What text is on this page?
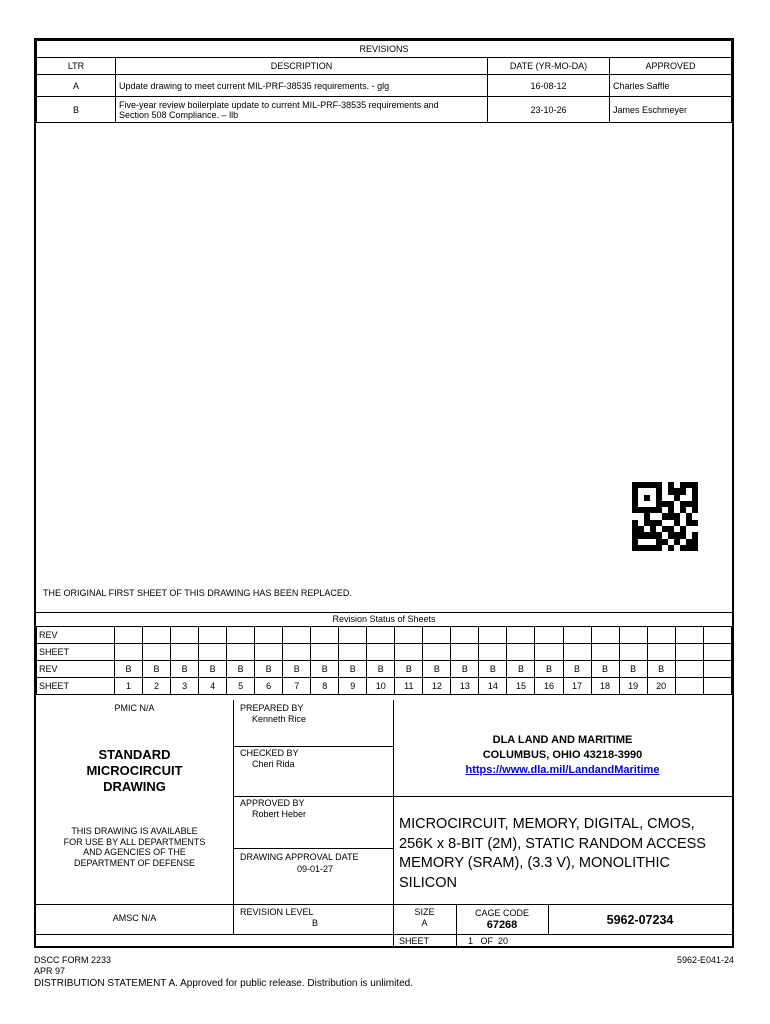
REVISIONS			
LTR	DESCRIPTION	DATE (YR-MO-DA)	APPROVED
A	Update drawing to meet current MIL-PRF-38535 requirements. - glg	16-08-12	Charles Saffle
B	Five-year review boilerplate update to current MIL-PRF-38535 requirements and
Section 508 Compliance. – llb	23-10-26	James Eschmeyer
THE ORIGINAL FIRST SHEET OF THIS DRAWING HAS BEEN REPLACED.
Revision Status of Sheets
REV																						
SHEET																						
REV	B	B	B	B	B	B	B	B	B	B	B	B	B	B	B	B	B	B	B	B		
SHEET	1	2	3	4	5	6	7	8	9	10	11	12	13	14	15	16	17	18	19	20		
PMIC N/A
STANDARD
MICROCIRCUIT
DRAWING
THIS DRAWING IS AVAILABLE
FOR USE BY ALL DEPARTMENTS
AND AGENCIES OF THE
DEPARTMENT OF DEFENSE
AMSC N/A
PREPARED BY
Kenneth Rice
CHECKED BY
Cheri Rida
APPROVED BY
Robert Heber
DRAWING APPROVAL DATE
09-01-27
REVISION LEVEL
B
DLA LAND AND MARITIME
COLUMBUS, OHIO 43218-3990
https://www.dla.mil/LandandMaritime
MICROCIRCUIT, MEMORY, DIGITAL, CMOS,
256K x 8-BIT (2M), STATIC RANDOM ACCESS
MEMORY (SRAM), (3.3 V), MONOLITHIC
SILICON
SIZE
A
CAGE CODE
67268	5962-07234
SHEET	1   OF  20
DSCC FORM 2233
APR 97
DISTRIBUTION STATEMENT A. Approved for public release. Distribution is unlimited.
5962-E041-24
